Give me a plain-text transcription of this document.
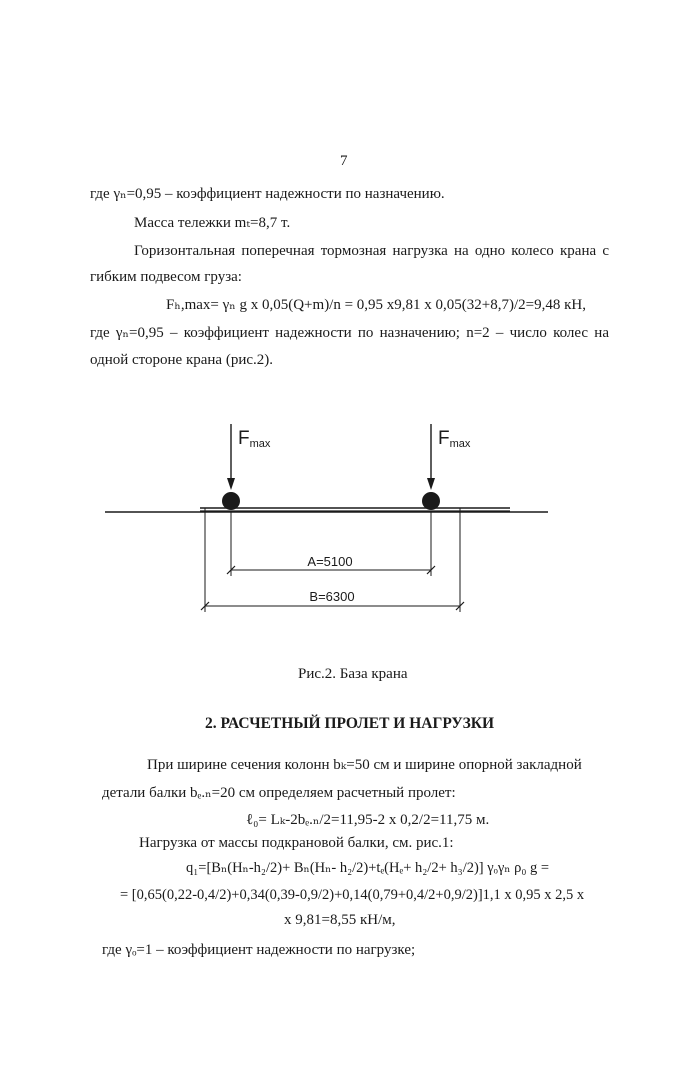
7
где γₙ=0,95 – коэффициент надежности по назначению.
Масса тележки mₜ=8,7 т.
Горизонтальная поперечная тормозная нагрузка на одно колесо крана с
гибким подвесом груза:
Fₕ,max= γₙ g x 0,05(Q+m)/n = 0,95 x9,81 x 0,05(32+8,7)/2=9,48 кН,
где γₙ=0,95 – коэффициент надежности по назначению; n=2 – число колес на
одной стороне крана (рис.2).
Fmax	Fmax
A=5100
B=6300
Рис.2. База крана
2. РАСЧЕТНЫЙ ПРОЛЕТ И НАГРУЗКИ
При ширине сечения колонн bₖ=50 см и ширине опорной закладной
детали балки bₑ.ₙ=20 см определяем расчетный пролет:
ℓ₀= Lₖ-2bₑ.ₙ/2=11,95-2 x 0,2/2=11,75 м.
Нагрузка от массы подкрановой балки, см. рис.1:
q₁=[Bₙ(Hₙ-h₂/2)+ Bₙ(Hₙ- h₂/2)+tₑ(Hₑ+ h₂/2+ h₃/2)] γₒγₙ ρ₀ g =
= [0,65(0,22-0,4/2)+0,34(0,39-0,9/2)+0,14(0,79+0,4/2+0,9/2)]1,1 x 0,95 x 2,5 x
x 9,81=8,55 кН/м,
где γₒ=1 – коэффициент надежности по нагрузке;
